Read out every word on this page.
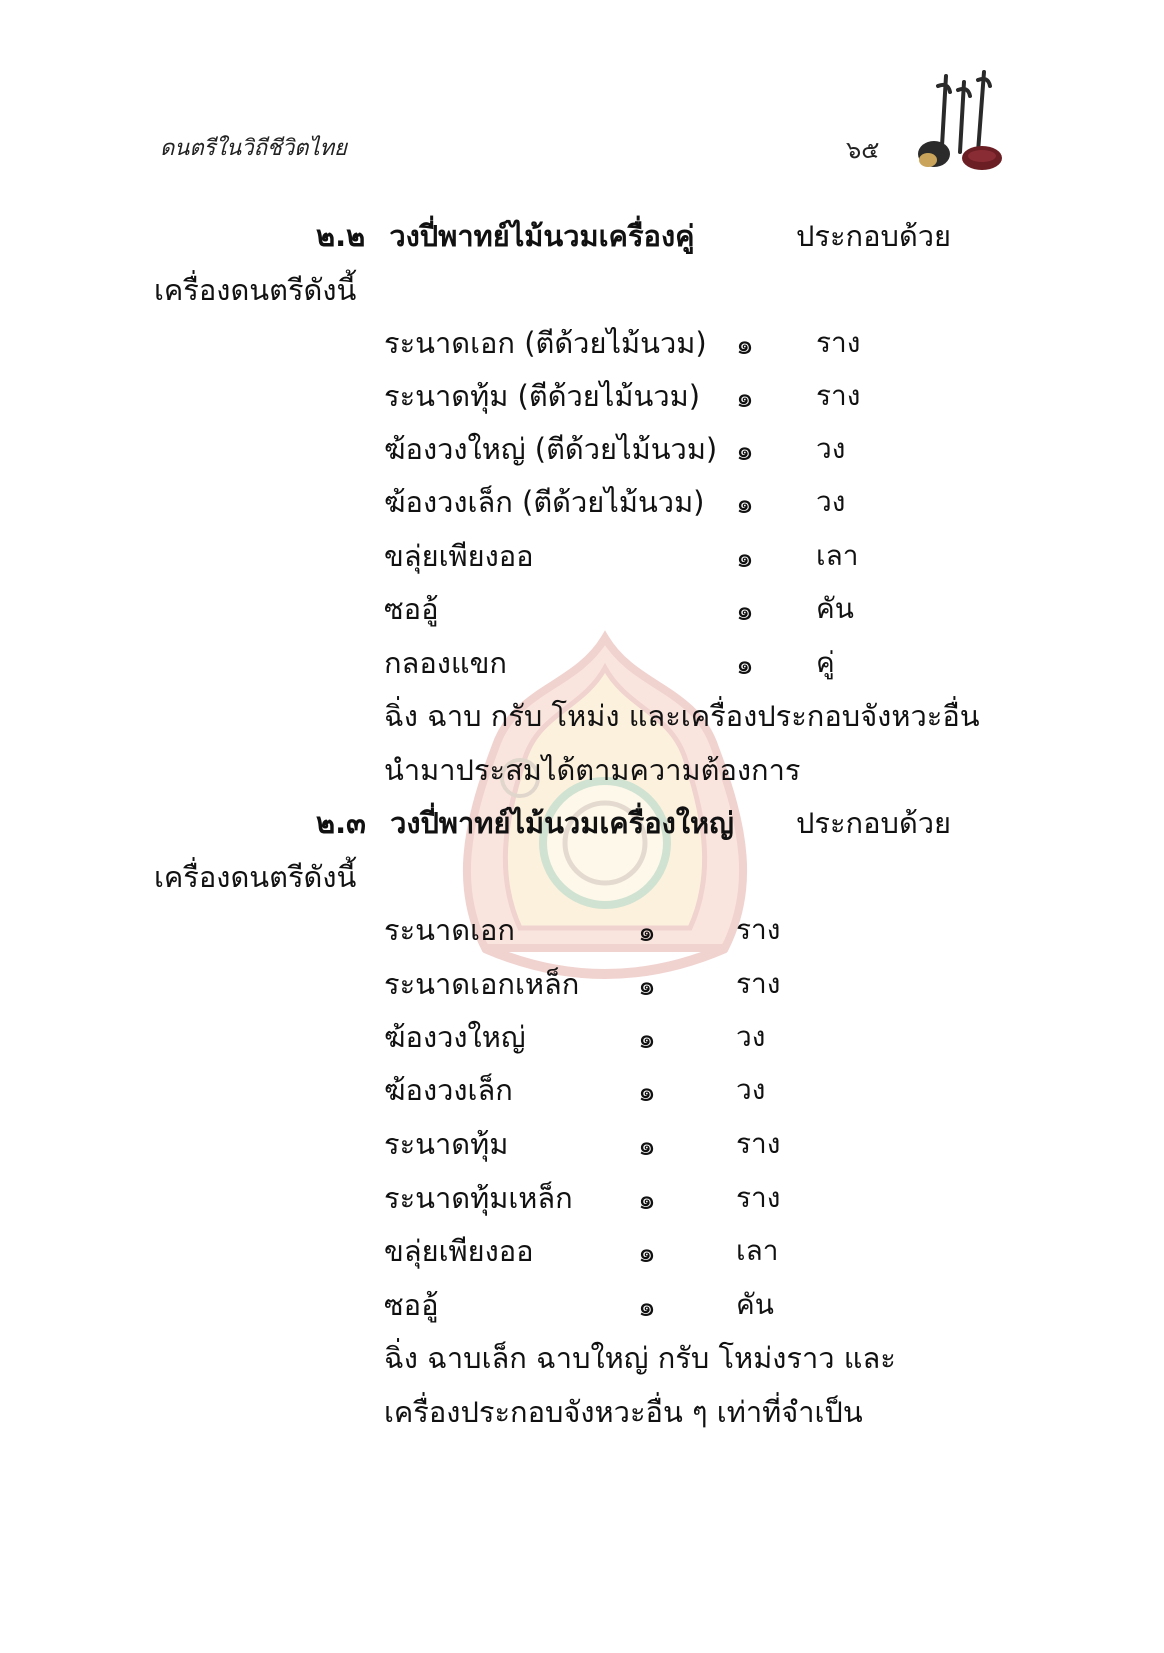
ดนตรีในวิถีชีวิตไทย	๖๕
๒.๒ วงปี่พาทย์ไม้นวมเครื่องคู่	ประกอบด้วย
เครื่องดนตรีดังนี้
ระนาดเอก (ตีด้วยไม้นวม) ๑ ราง
ระนาดทุ้ม (ตีด้วยไม้นวม) ๑ ราง
ฆ้องวงใหญ่ (ตีด้วยไม้นวม) ๑ วง
ฆ้องวงเล็ก (ตีด้วยไม้นวม) ๑ วง
ขลุ่ยเพียงออ	๑ เลา
ซออู้	๑ คัน
กลองแขก	๑ คู่
ฉิ่ง ฉาบ กรับ โหม่ง และเครื่องประกอบจังหวะอื่น
นำมาประสมได้ตามความต้องการ
๒.๓ วงปี่พาทย์ไม้นวมเครื่องใหญ่ ประกอบด้วย
เครื่องดนตรีดังนี้
ระนาดเอก	๑	ราง
ระนาดเอกเหล็ก ๑	ราง
ฆ้องวงใหญ่	๑	วง
ฆ้องวงเล็ก	๑	วง
ระนาดทุ้ม	๑	ราง
ระนาดทุ้มเหล็ก ๑	ราง
ขลุ่ยเพียงออ	๑	เลา
ซออู้	๑	คัน
ฉิ่ง ฉาบเล็ก ฉาบใหญ่ กรับ โหม่งราว และ
เครื่องประกอบจังหวะอื่น ๆ เท่าที่จำเป็น
